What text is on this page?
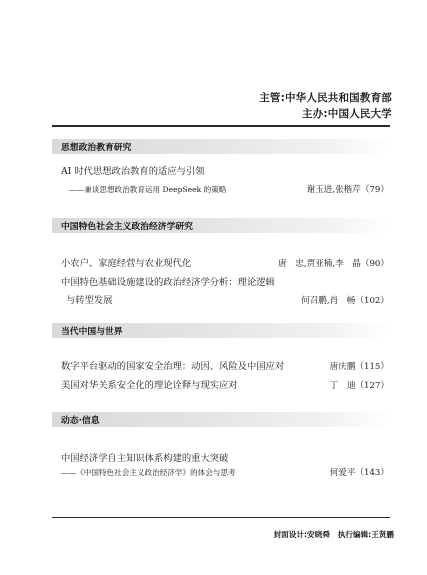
主管:中华人民共和国教育部
主办:中国人民大学
思想政治教育研究
AI 时代思想政治教育的适应与引领
——兼谈思想政治教育运用 DeepSeek 的策略	谢玉进,张楷芹（79）
中国特色社会主义政治经济学研究
小农户、家庭经营与农业现代化	唐　忠,贾亚楠,李　晶（90）
中国特色基础设施建设的政治经济学分析：理论逻辑
与转型发展	何召鹏,肖　畅（102）
当代中国与世界
数字平台驱动的国家安全治理：动因、风险及中国应对	唐庆鹏（115）
美国对华关系安全化的理论诠释与现实应对	丁　迪（127）
动态·信息
中国经济学自主知识体系构建的重大突破
——《中国特色社会主义政治经济学》的体会与思考	何爱平（143）
封面设计:安晓舜 执行编辑:王贤鹏
